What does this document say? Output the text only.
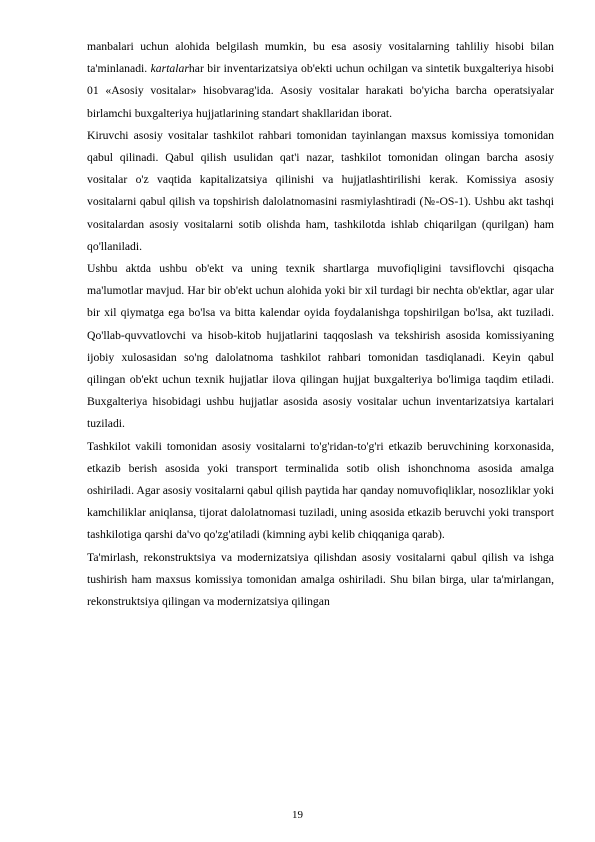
manbalari uchun alohida belgilash mumkin, bu esa asosiy vositalarning tahliliy hisobi bilan ta'minlanadi. kartalarhar bir inventarizatsiya ob'ekti uchun ochilgan va sintetik buxgalteriya hisobi 01 «Asosiy vositalar» hisobvarag'ida. Asosiy vositalar harakati bo'yicha barcha operatsiyalar birlamchi buxgalteriya hujjatlarining standart shakllaridan iborat.

Kiruvchi asosiy vositalar tashkilot rahbari tomonidan tayinlangan maxsus komissiya tomonidan qabul qilinadi. Qabul qilish usulidan qat'i nazar, tashkilot tomonidan olingan barcha asosiy vositalar o'z vaqtida kapitalizatsiya qilinishi va hujjatlashtirilishi kerak. Komissiya asosiy vositalarni qabul qilish va topshirish dalolatnomasini rasmiylashtiradi (№-OS-1). Ushbu akt tashqi vositalardan asosiy vositalarni sotib olishda ham, tashkilotda ishlab chiqarilgan (qurilgan) ham qo'llaniladi.

Ushbu aktda ushbu ob'ekt va uning texnik shartlarga muvofiqligini tavsiflovchi qisqacha ma'lumotlar mavjud. Har bir ob'ekt uchun alohida yoki bir xil turdagi bir nechta ob'ektlar, agar ular bir xil qiymatga ega bo'lsa va bitta kalendar oyida foydalanishga topshirilgan bo'lsa, akt tuziladi. Qo'llab-quvvatlovchi va hisob-kitob hujjatlarini taqqoslash va tekshirish asosida komissiyaning ijobiy xulosasidan so'ng dalolatnoma tashkilot rahbari tomonidan tasdiqlanadi. Keyin qabul qilingan ob'ekt uchun texnik hujjatlar ilova qilingan hujjat buxgalteriya bo'limiga taqdim etiladi. Buxgalteriya hisobidagi ushbu hujjatlar asosida asosiy vositalar uchun inventarizatsiya kartalari tuziladi.

Tashkilot vakili tomonidan asosiy vositalarni to'g'ridan-to'g'ri etkazib beruvchining korxonasida, etkazib berish asosida yoki transport terminalida sotib olish ishonchnoma asosida amalga oshiriladi. Agar asosiy vositalarni qabul qilish paytida har qanday nomuvofiqliklar, nosozliklar yoki kamchiliklar aniqlansa, tijorat dalolatnomasi tuziladi, uning asosida etkazib beruvchi yoki transport tashkilotiga qarshi da'vo qo'zg'atiladi (kimning aybi kelib chiqqaniga qarab).

Ta'mirlash, rekonstruktsiya va modernizatsiya qilishdan asosiy vositalarni qabul qilish va ishga tushirish ham maxsus komissiya tomonidan amalga oshiriladi. Shu bilan birga, ular ta'mirlangan, rekonstruktsiya qilingan va modernizatsiya qilingan

19
